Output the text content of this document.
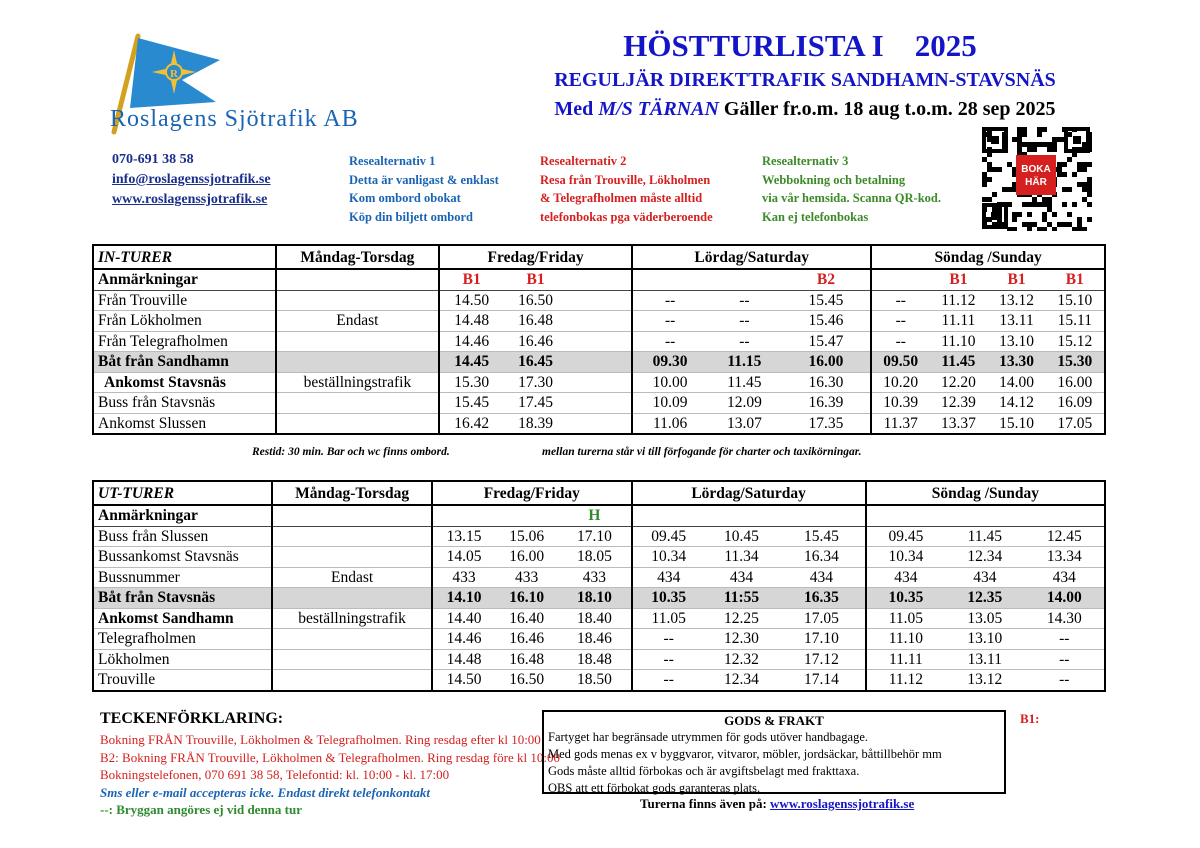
R
Roslagens Sjötrafik AB
HÖSTTURLISTA I    2025
REGULJÄR DIREKTTRAFIK SANDHAMN-STAVSNÄS
Med M/S TÄRNAN Gäller fr.o.m. 18 aug t.o.m. 28 sep 2025
070-691 38 58
info@roslagenssjotrafik.se
www.roslagenssjotrafik.se
Resealternativ 1
Detta är vanligast & enklast
Kom ombord obokat
Köp din biljett ombord
Resealternativ 2
Resa från Trouville, Lökholmen
& Telegrafholmen måste alltid
telefonbokas pga väderberoende
Resealternativ 3
Webbokning och betalning
via vår hemsida. Scanna QR-kod.
Kan ej telefonbokas
BOKA
HÄR
IN-TURER	Måndag-Torsdag	Fredag/Friday			Lördag/Saturday			Söndag /Sunday			
Anmärkningar		B1	B1				B2		B1	B1	B1
Från Trouville		14.50	16.50		--	--	15.45	--	11.12	13.12	15.10
Från Lökholmen	Endast	14.48	16.48		--	--	15.46	--	11.11	13.11	15.11
Från Telegrafholmen		14.46	16.46		--	--	15.47	--	11.10	13.10	15.12
Båt från Sandhamn		14.45	16.45		09.30	11.15	16.00	09.50	11.45	13.30	15.30
Ankomst Stavsnäs	beställningstrafik	15.30	17.30		10.00	11.45	16.30	10.20	12.20	14.00	16.00
Buss från Stavsnäs		15.45	17.45		10.09	12.09	16.39	10.39	12.39	14.12	16.09
Ankomst Slussen		16.42	18.39		11.06	13.07	17.35	11.37	13.37	15.10	17.05
Restid: 30 min. Bar och wc finns ombord.	mellan turerna står vi till förfogande för charter och taxikörningar.
UT-TURER	Måndag-Torsdag	Fredag/Friday			Lördag/Saturday			Söndag /Sunday		
Anmärkningar				H						
Buss från Slussen		13.15	15.06	17.10	09.45	10.45	15.45	09.45	11.45	12.45
Bussankomst Stavsnäs		14.05	16.00	18.05	10.34	11.34	16.34	10.34	12.34	13.34
Bussnummer	Endast	433	433	433	434	434	434	434	434	434
Båt från Stavsnäs		14.10	16.10	18.10	10.35	11:55	16.35	10.35	12.35	14.00
Ankomst Sandhamn	beställningstrafik	14.40	16.40	18.40	11.05	12.25	17.05	11.05	13.05	14.30
Telegrafholmen		14.46	16.46	18.46	--	12.30	17.10	11.10	13.10	--
Lökholmen		14.48	16.48	18.48	--	12.32	17.12	11.11	13.11	--
Trouville		14.50	16.50	18.50	--	12.34	17.14	11.12	13.12	--
TECKENFÖRKLARING:
Bokning FRÅN Trouville, Lökholmen & Telegrafholmen. Ring resdag efter kl 10:00
B2: Bokning FRÅN Trouville, Lökholmen & Telegrafholmen. Ring resdag före kl 10:00
Bokningstelefonen, 070 691 38 58, Telefontid: kl. 10:00 - kl. 17:00
Sms eller e-mail accepteras icke. Endast direkt telefonkontakt
--: Bryggan angöres ej vid denna tur
GODS & FRAKT
Fartyget har begränsade utrymmen för gods utöver handbagage.
Med gods menas ex v byggvaror, vitvaror, möbler, jordsäckar, båttillbehör mm
Gods måste alltid förbokas och är avgiftsbelagt med frakttaxa.
OBS att ett förbokat gods garanteras plats.
B1:
Turerna finns även på: www.roslagenssjotrafik.se
